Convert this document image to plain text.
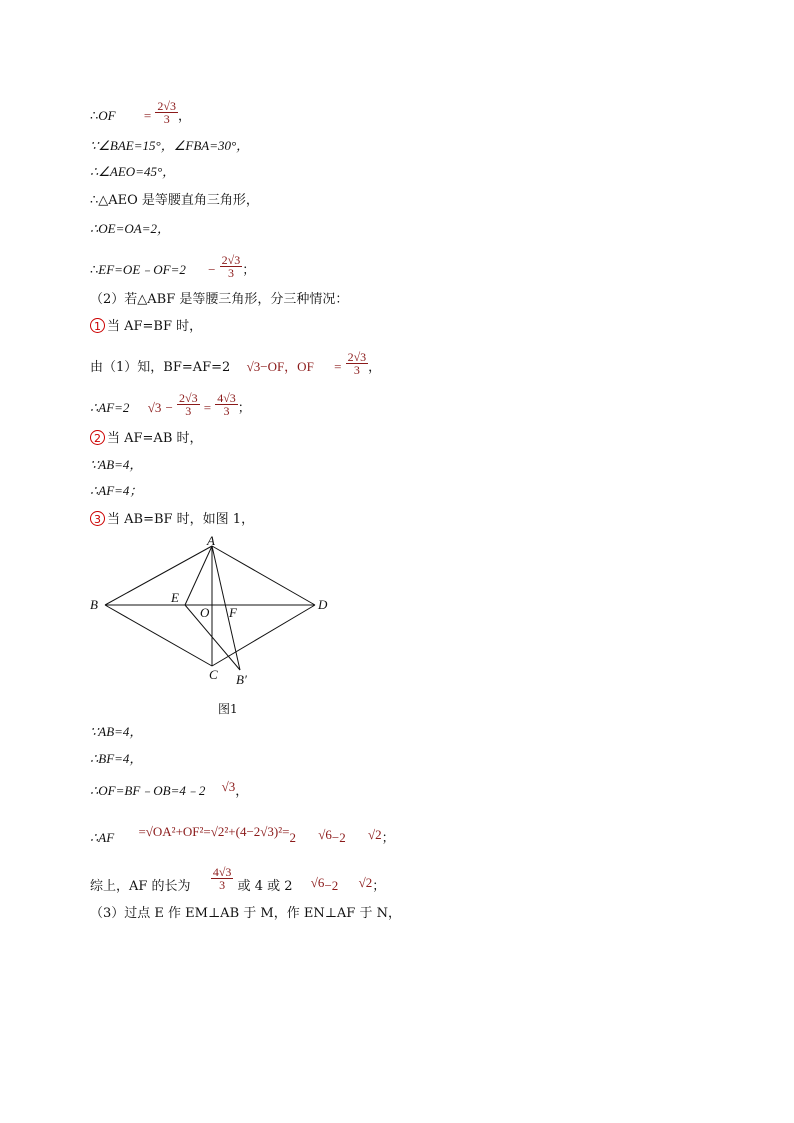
∴OF = $\frac{2√3}{3}$ ，
∵∠BAE=15°，∠FBA=30°，
∴∠AEO=45°，
∴△AEO 是等腰直角三角形，
∴OE=OA=2，
∴EF=OE﹣OF=2 − $\frac{2√3}{3}$ ；
（2）若△ABF 是等腰三角形，分三种情况：
1 当 AF=BF 时，
由（1）知，BF=AF=2 √3−OF，OF = $\frac{2√3}{3}$ ，
∴AF=2 $√3 - \frac{2√3}{3} = \frac{4√3}{3}$ ；
2 当 AF=AB 时，
∵AB=4，
∴AF=4；
3 当 AB=BF 时，如图 1，
A
B
C
D
E
O F
B′
图1
∵AB=4，
∴BF=4，
∴OF=BF﹣OB=4﹣2 √3，
∴AF =√OA²+OF²=√2²+(4−2√3)²=2 √6−2 √2；
综上，AF 的长为 $\frac{4√3}{3}$ 或 4 或 2 √6−2 √2；
（3）过点 E 作 EM⊥AB 于 M，作 EN⊥AF 于 N，
